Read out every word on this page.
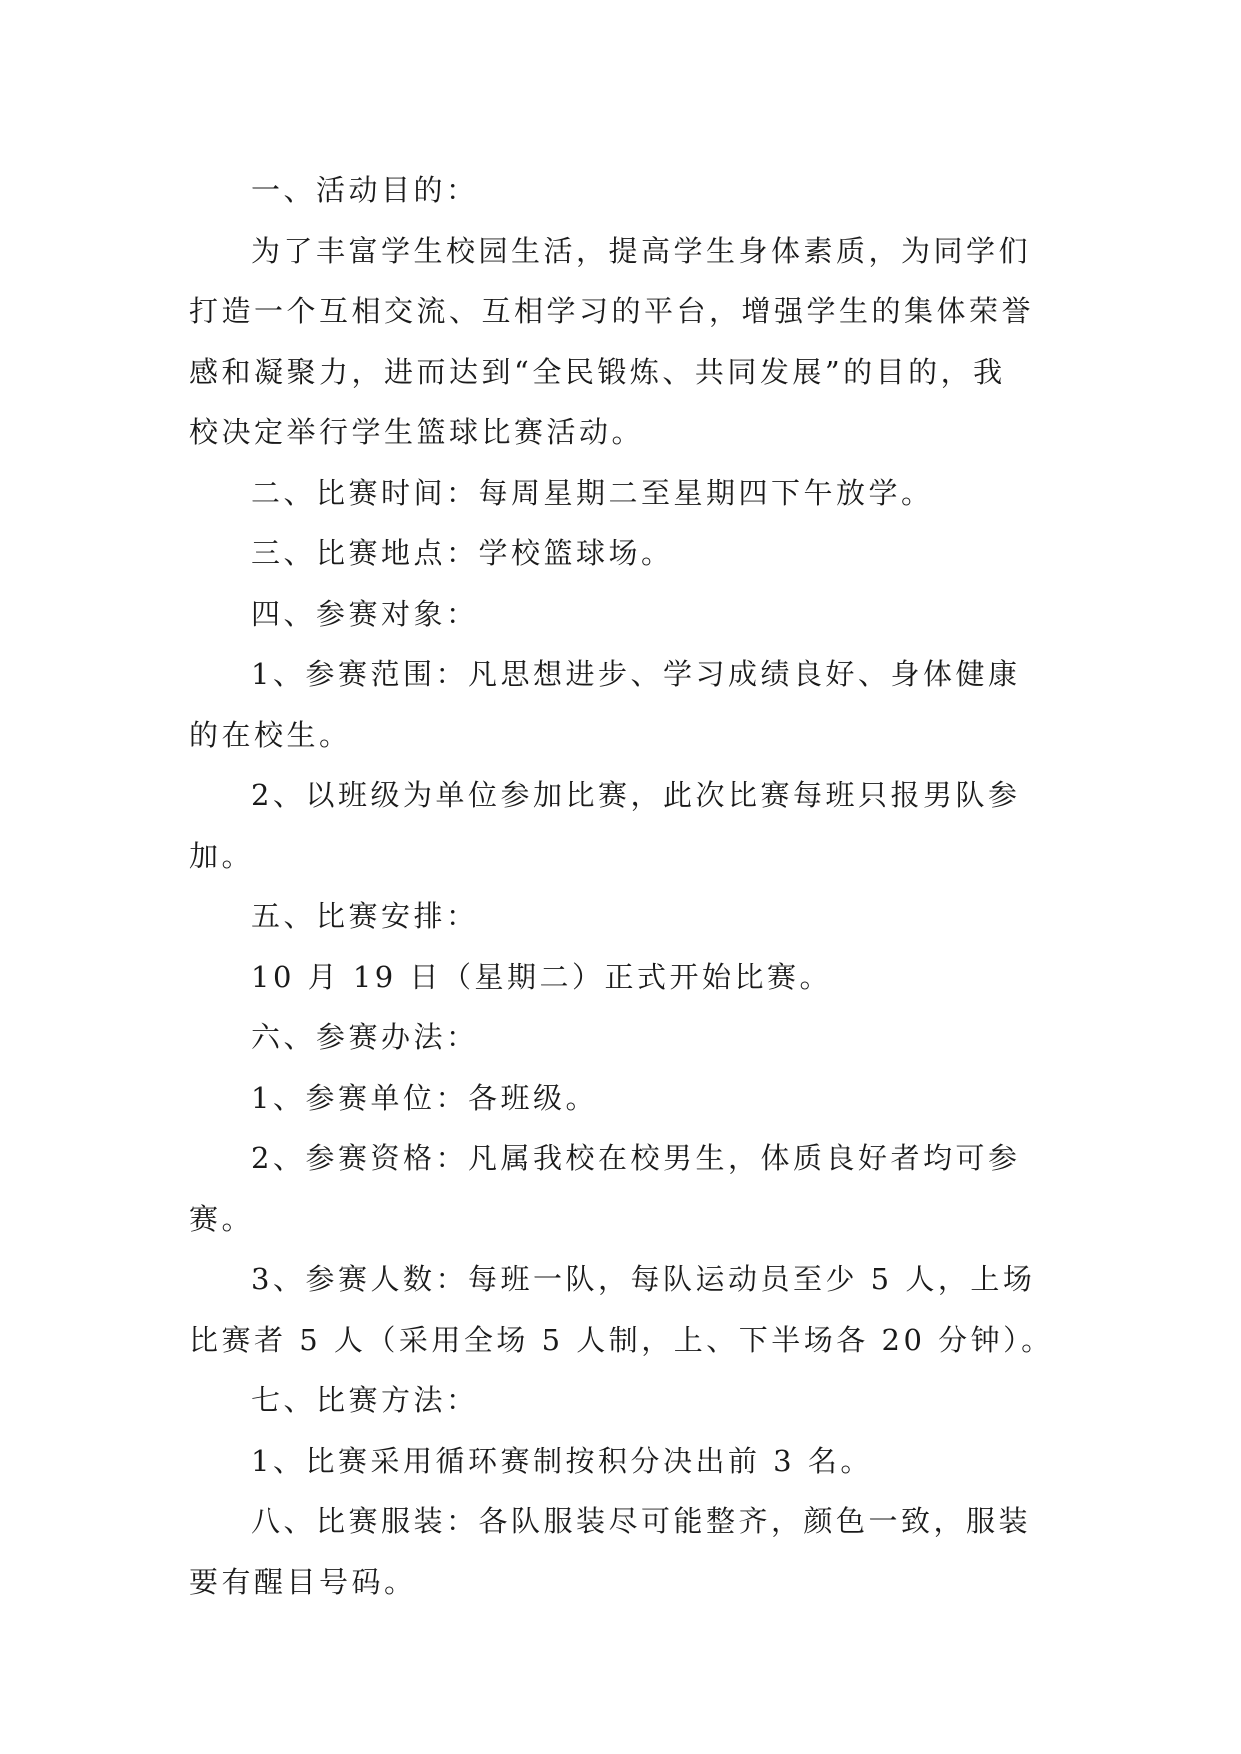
一、活动目的：

为了丰富学生校园生活，提高学生身体素质，为同学们
打造一个互相交流、互相学习的平台，增强学生的集体荣誉
感和凝聚力，进而达到“全民锻炼、共同发展”的目的，我
校决定举行学生篮球比赛活动。

二、比赛时间：每周星期二至星期四下午放学。

三、比赛地点：学校篮球场。

四、参赛对象：

1、参赛范围：凡思想进步、学习成绩良好、身体健康
的在校生。

2、以班级为单位参加比赛，此次比赛每班只报男队参
加。

五、比赛安排：

10 月 19 日（星期二）正式开始比赛。

六、参赛办法：

1、参赛单位：各班级。

2、参赛资格：凡属我校在校男生，体质良好者均可参
赛。

3、参赛人数：每班一队，每队运动员至少 5 人，上场
比赛者 5 人（采用全场 5 人制，上、下半场各 20 分钟）。

七、比赛方法：

1、比赛采用循环赛制按积分决出前 3 名。

八、比赛服装：各队服装尽可能整齐，颜色一致，服装
要有醒目号码。
